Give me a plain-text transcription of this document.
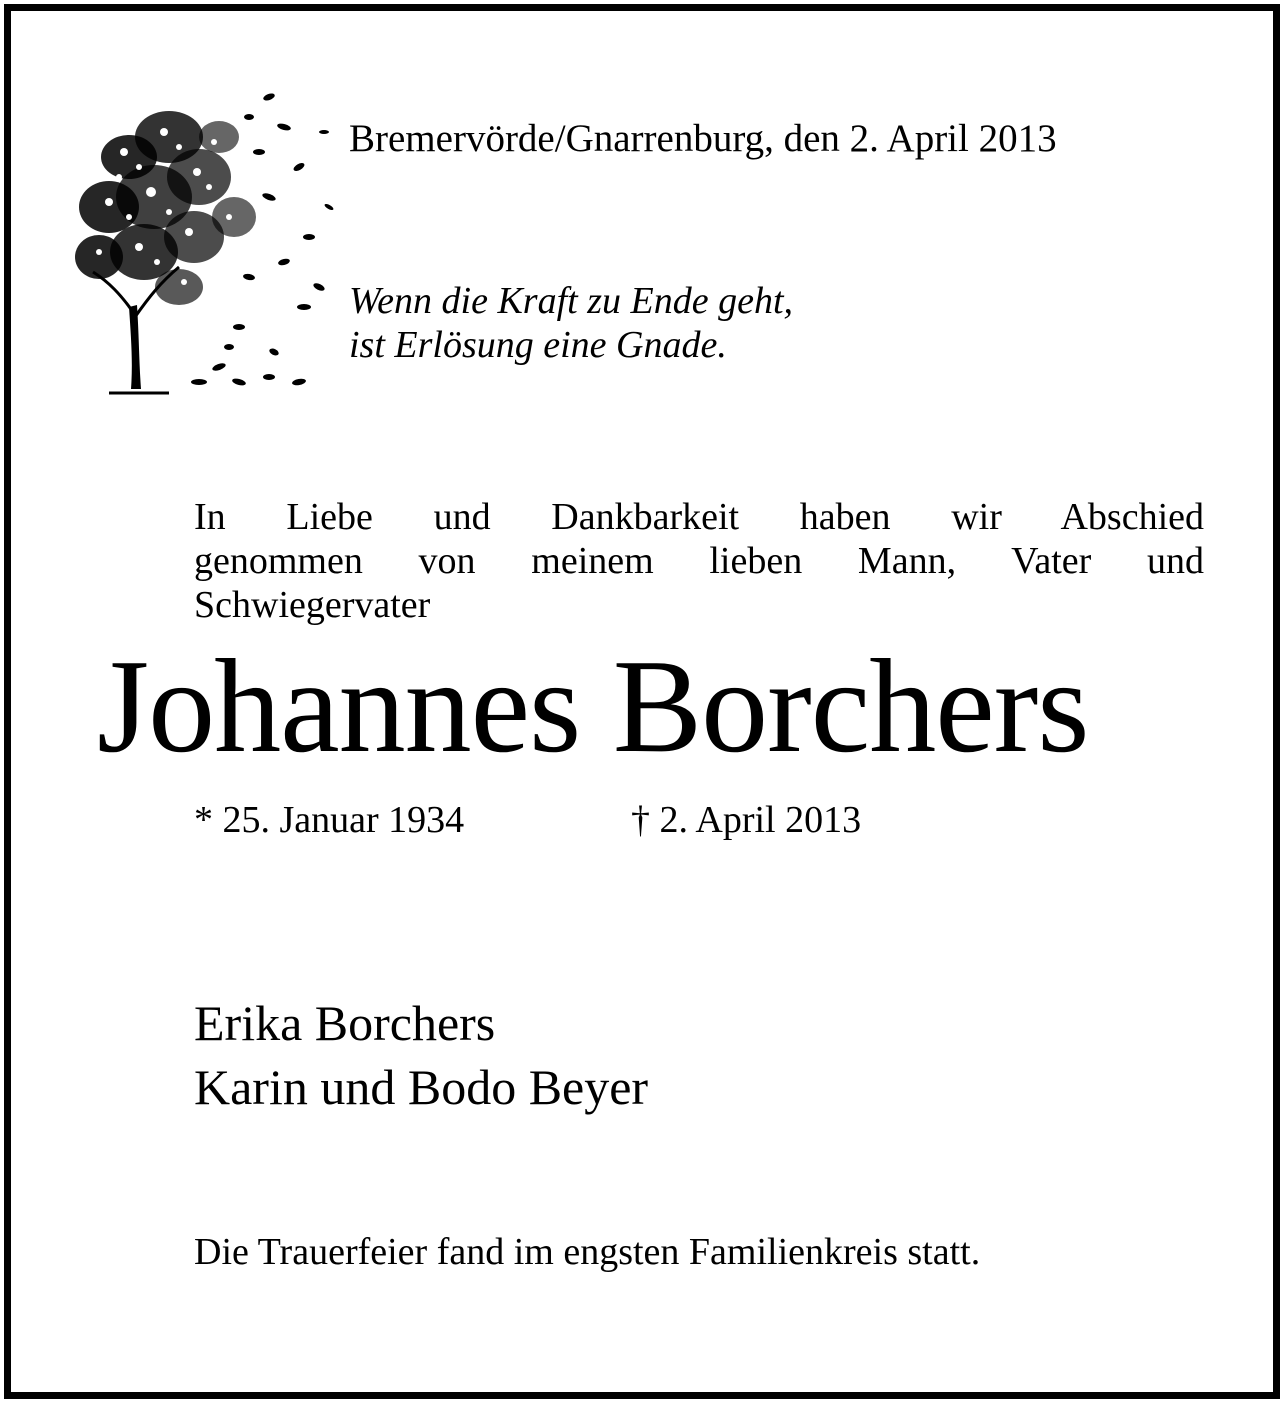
Bremervörde/Gnarrenburg, den 2. April 2013
Wenn die Kraft zu Ende geht,
ist Erlösung eine Gnade.
In Liebe und Dankbarkeit haben wir Abschied
genommen von meinem lieben Mann, Vater und
Schwiegervater
Johannes Borchers
* 25. Januar 1934	† 2. April 2013
Erika Borchers
Karin und Bodo Beyer
Die Trauerfeier fand im engsten Familienkreis statt.
